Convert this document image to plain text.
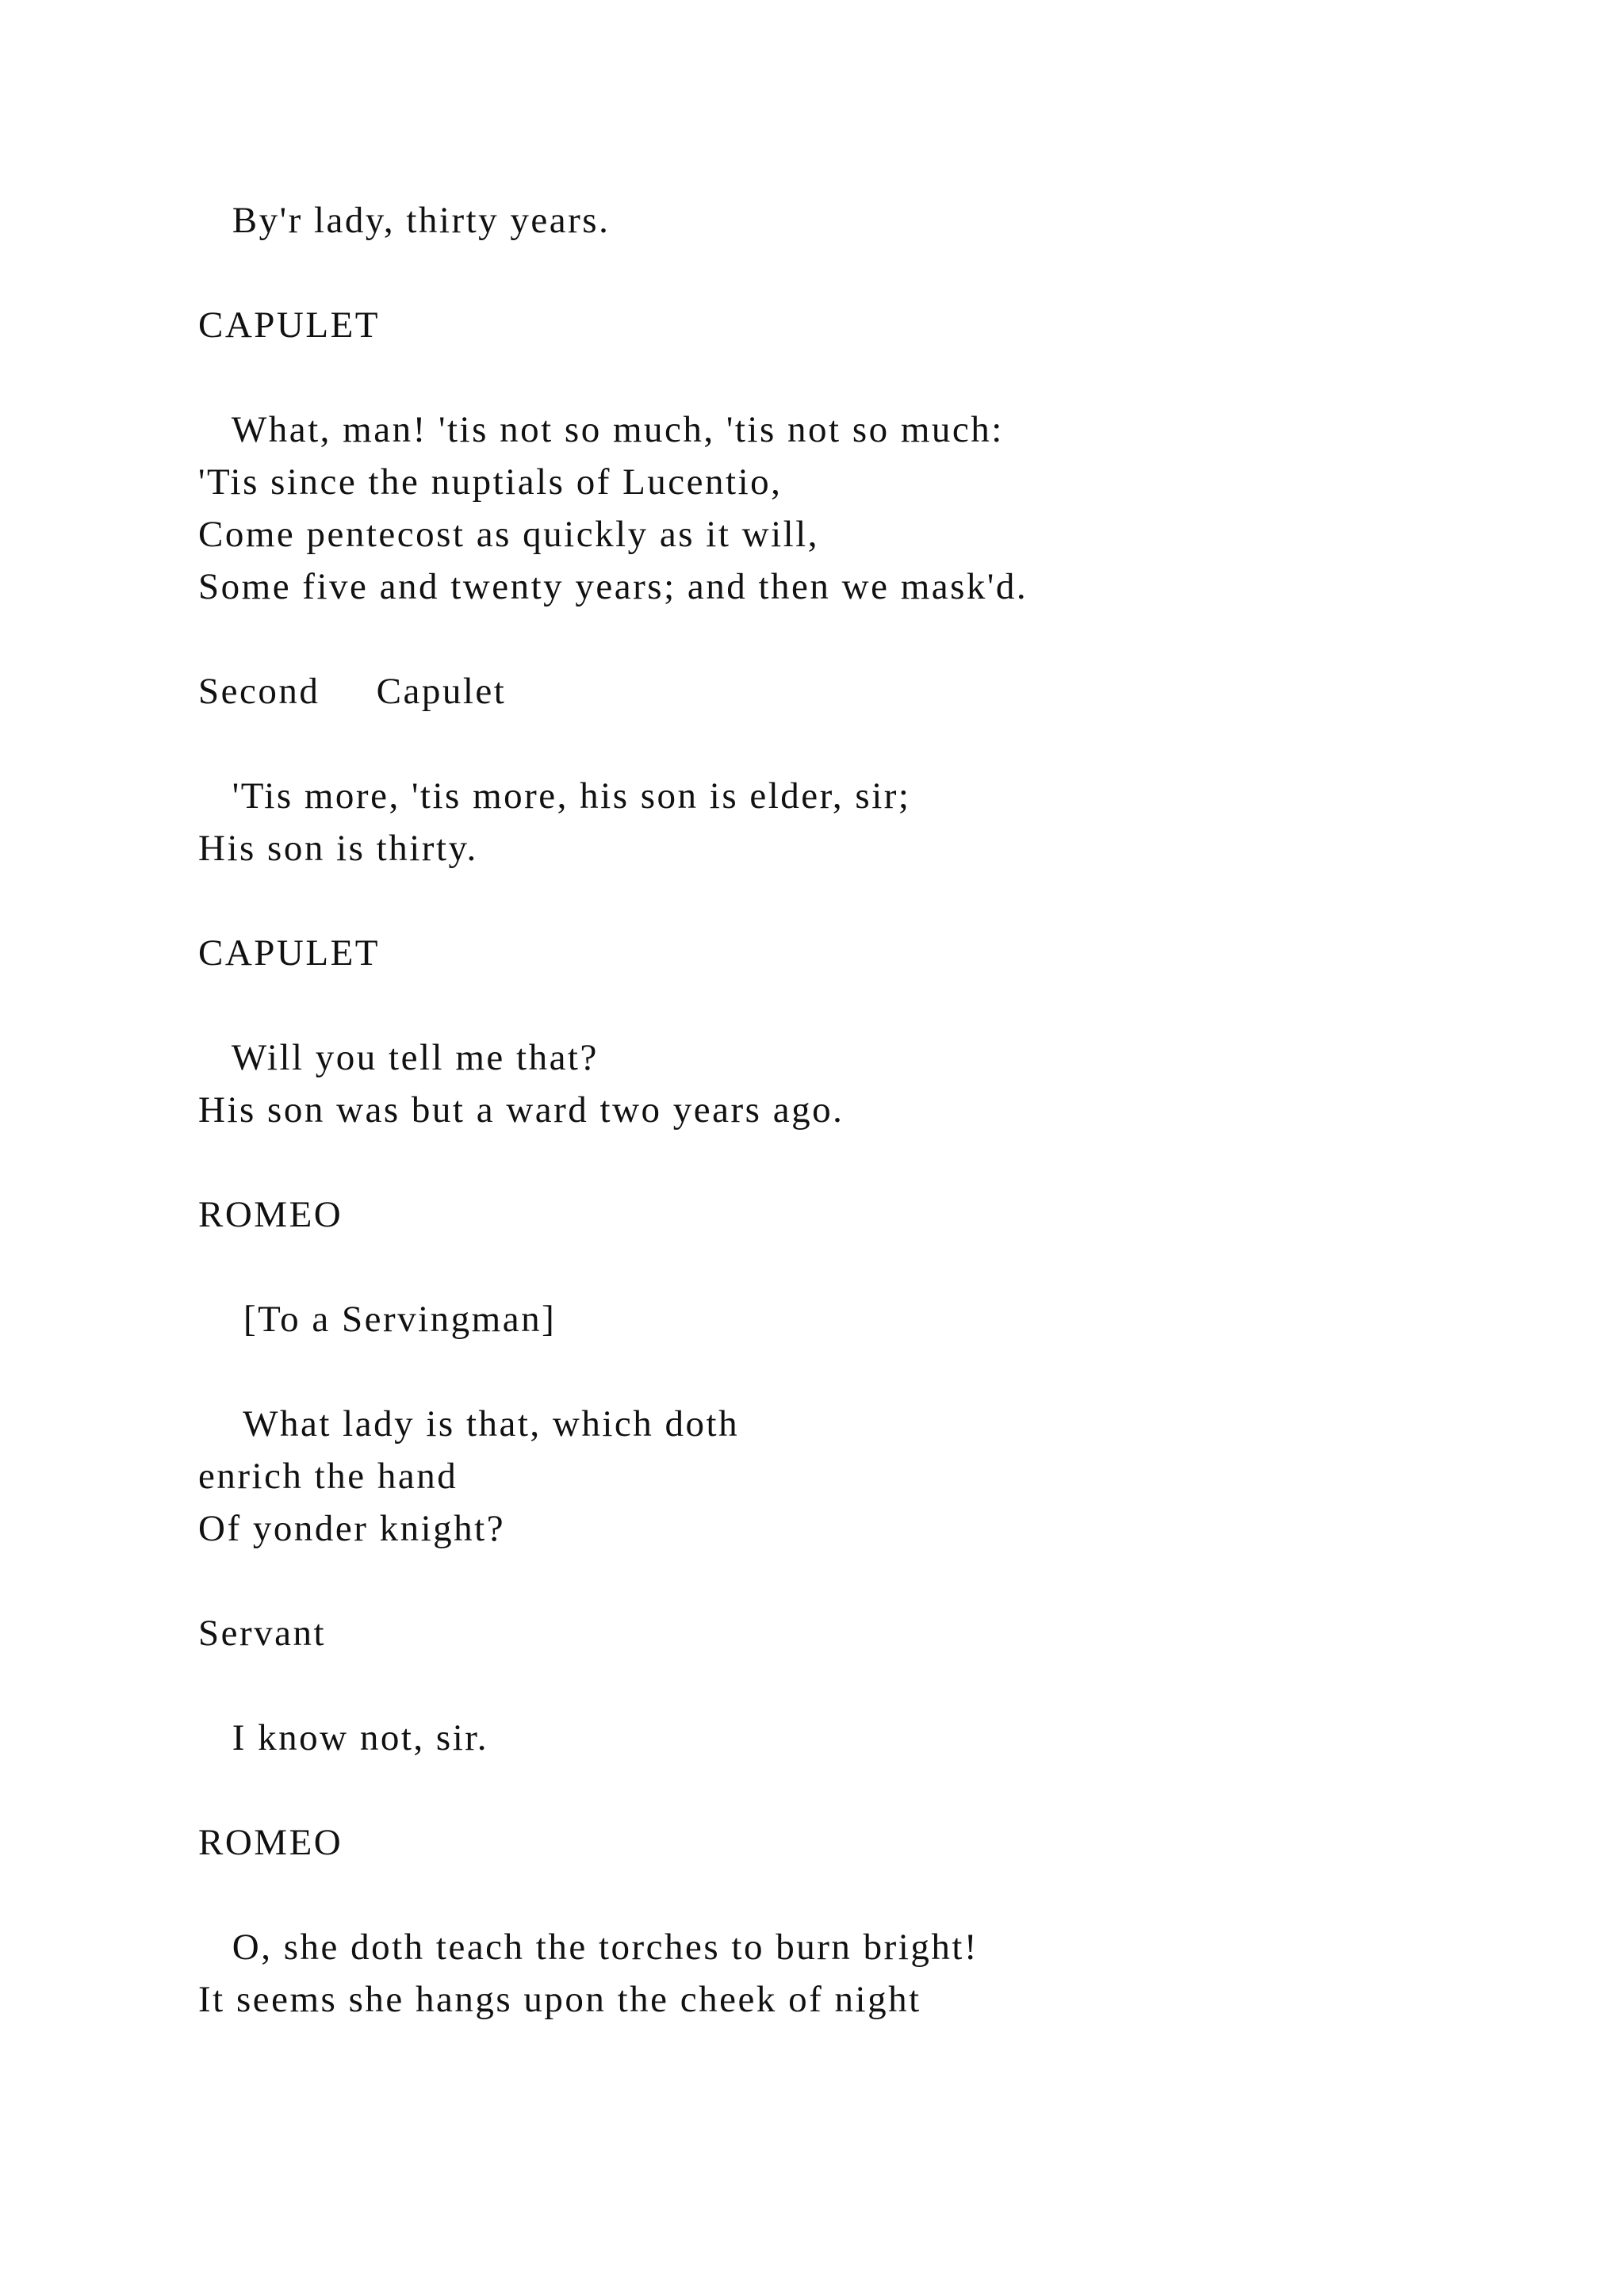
By'r lady, thirty years.
CAPULET
What, man! 'tis not so much, 'tis not so much:
'Tis since the nuptials of Lucentio,
Come pentecost as quickly as it will,
Some five and twenty years; and then we mask'd.
Second     Capulet
'Tis more, 'tis more, his son is elder, sir;
His son is thirty.
CAPULET
Will you tell me that?
His son was but a ward two years ago.
ROMEO
[To a Servingman]
What lady is that, which doth
enrich the hand
Of yonder knight?
Servant
I know not, sir.
ROMEO
O, she doth teach the torches to burn bright!
It seems she hangs upon the cheek of night
